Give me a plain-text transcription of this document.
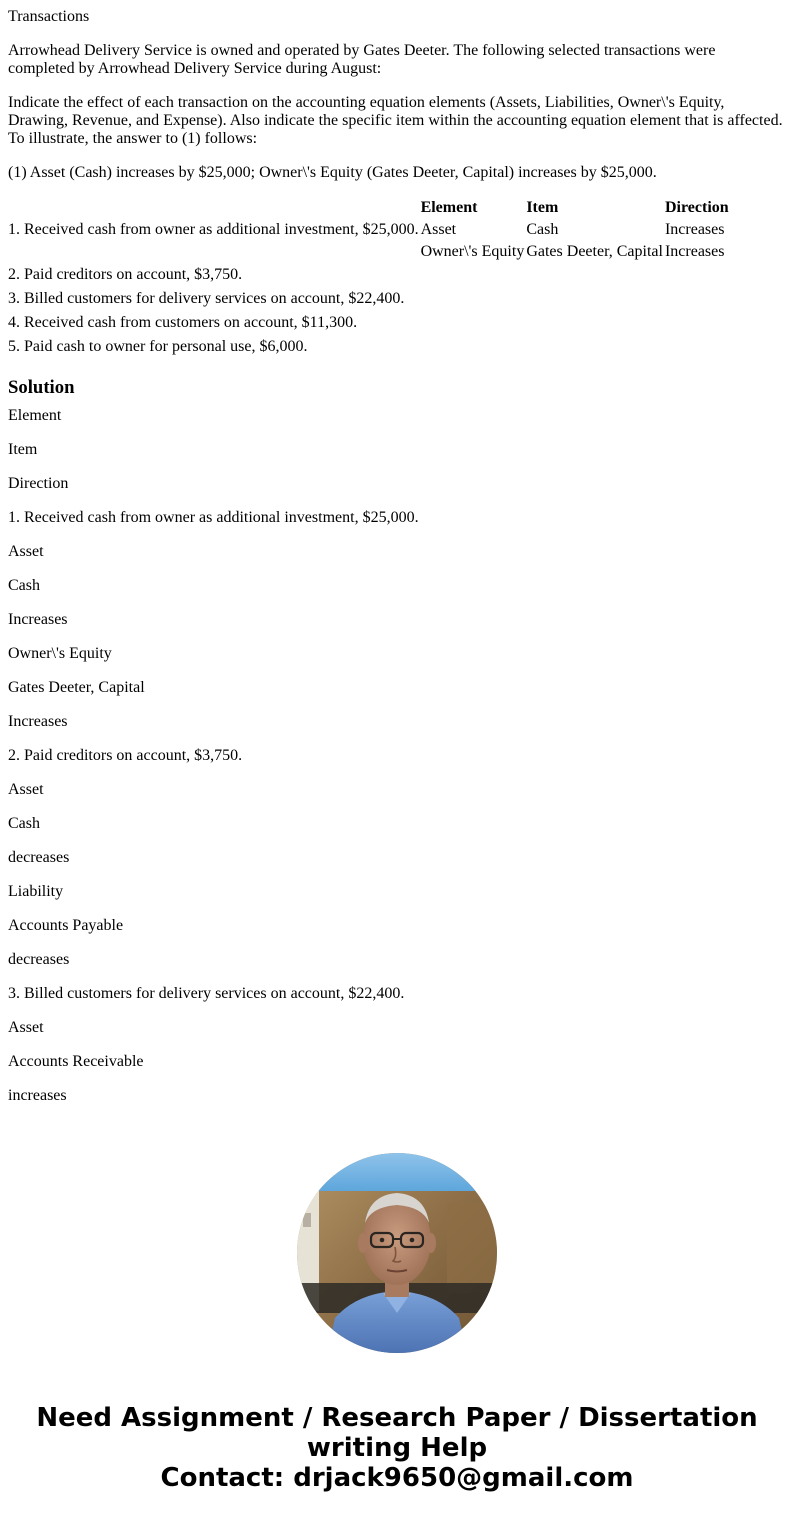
Transactions

Arrowhead Delivery Service is owned and operated by Gates Deeter. The following selected transactions were completed by Arrowhead Delivery Service during August:

Indicate the effect of each transaction on the accounting equation elements (Assets, Liabilities, Owner\'s Equity, Drawing, Revenue, and Expense). Also indicate the specific item within the accounting equation element that is affected. To illustrate, the answer to (1) follows:

(1) Asset (Cash) increases by $25,000; Owner\'s Equity (Gates Deeter, Capital) increases by $25,000.

	Element	Item	Direction
1. Received cash from owner as additional investment, $25,000.	Asset	Cash	Increases
	Owner\'s Equity	Gates Deeter, Capital	Increases
2. Paid creditors on account, $3,750.			
3. Billed customers for delivery services on account, $22,400.			
4. Received cash from customers on account, $11,300.			
5. Paid cash to owner for personal use, $6,000.			
Solution

Element

Item

Direction

1. Received cash from owner as additional investment, $25,000.

Asset

Cash

Increases

Owner\'s Equity

Gates Deeter, Capital

Increases

2. Paid creditors on account, $3,750.

Asset

Cash

decreases

Liability

Accounts Payable

decreases

3. Billed customers for delivery services on account, $22,400.

Asset

Accounts Receivable

increases

Need Assignment / Research Paper / Dissertation
writing Help
Contact: drjack9650@gmail.com
